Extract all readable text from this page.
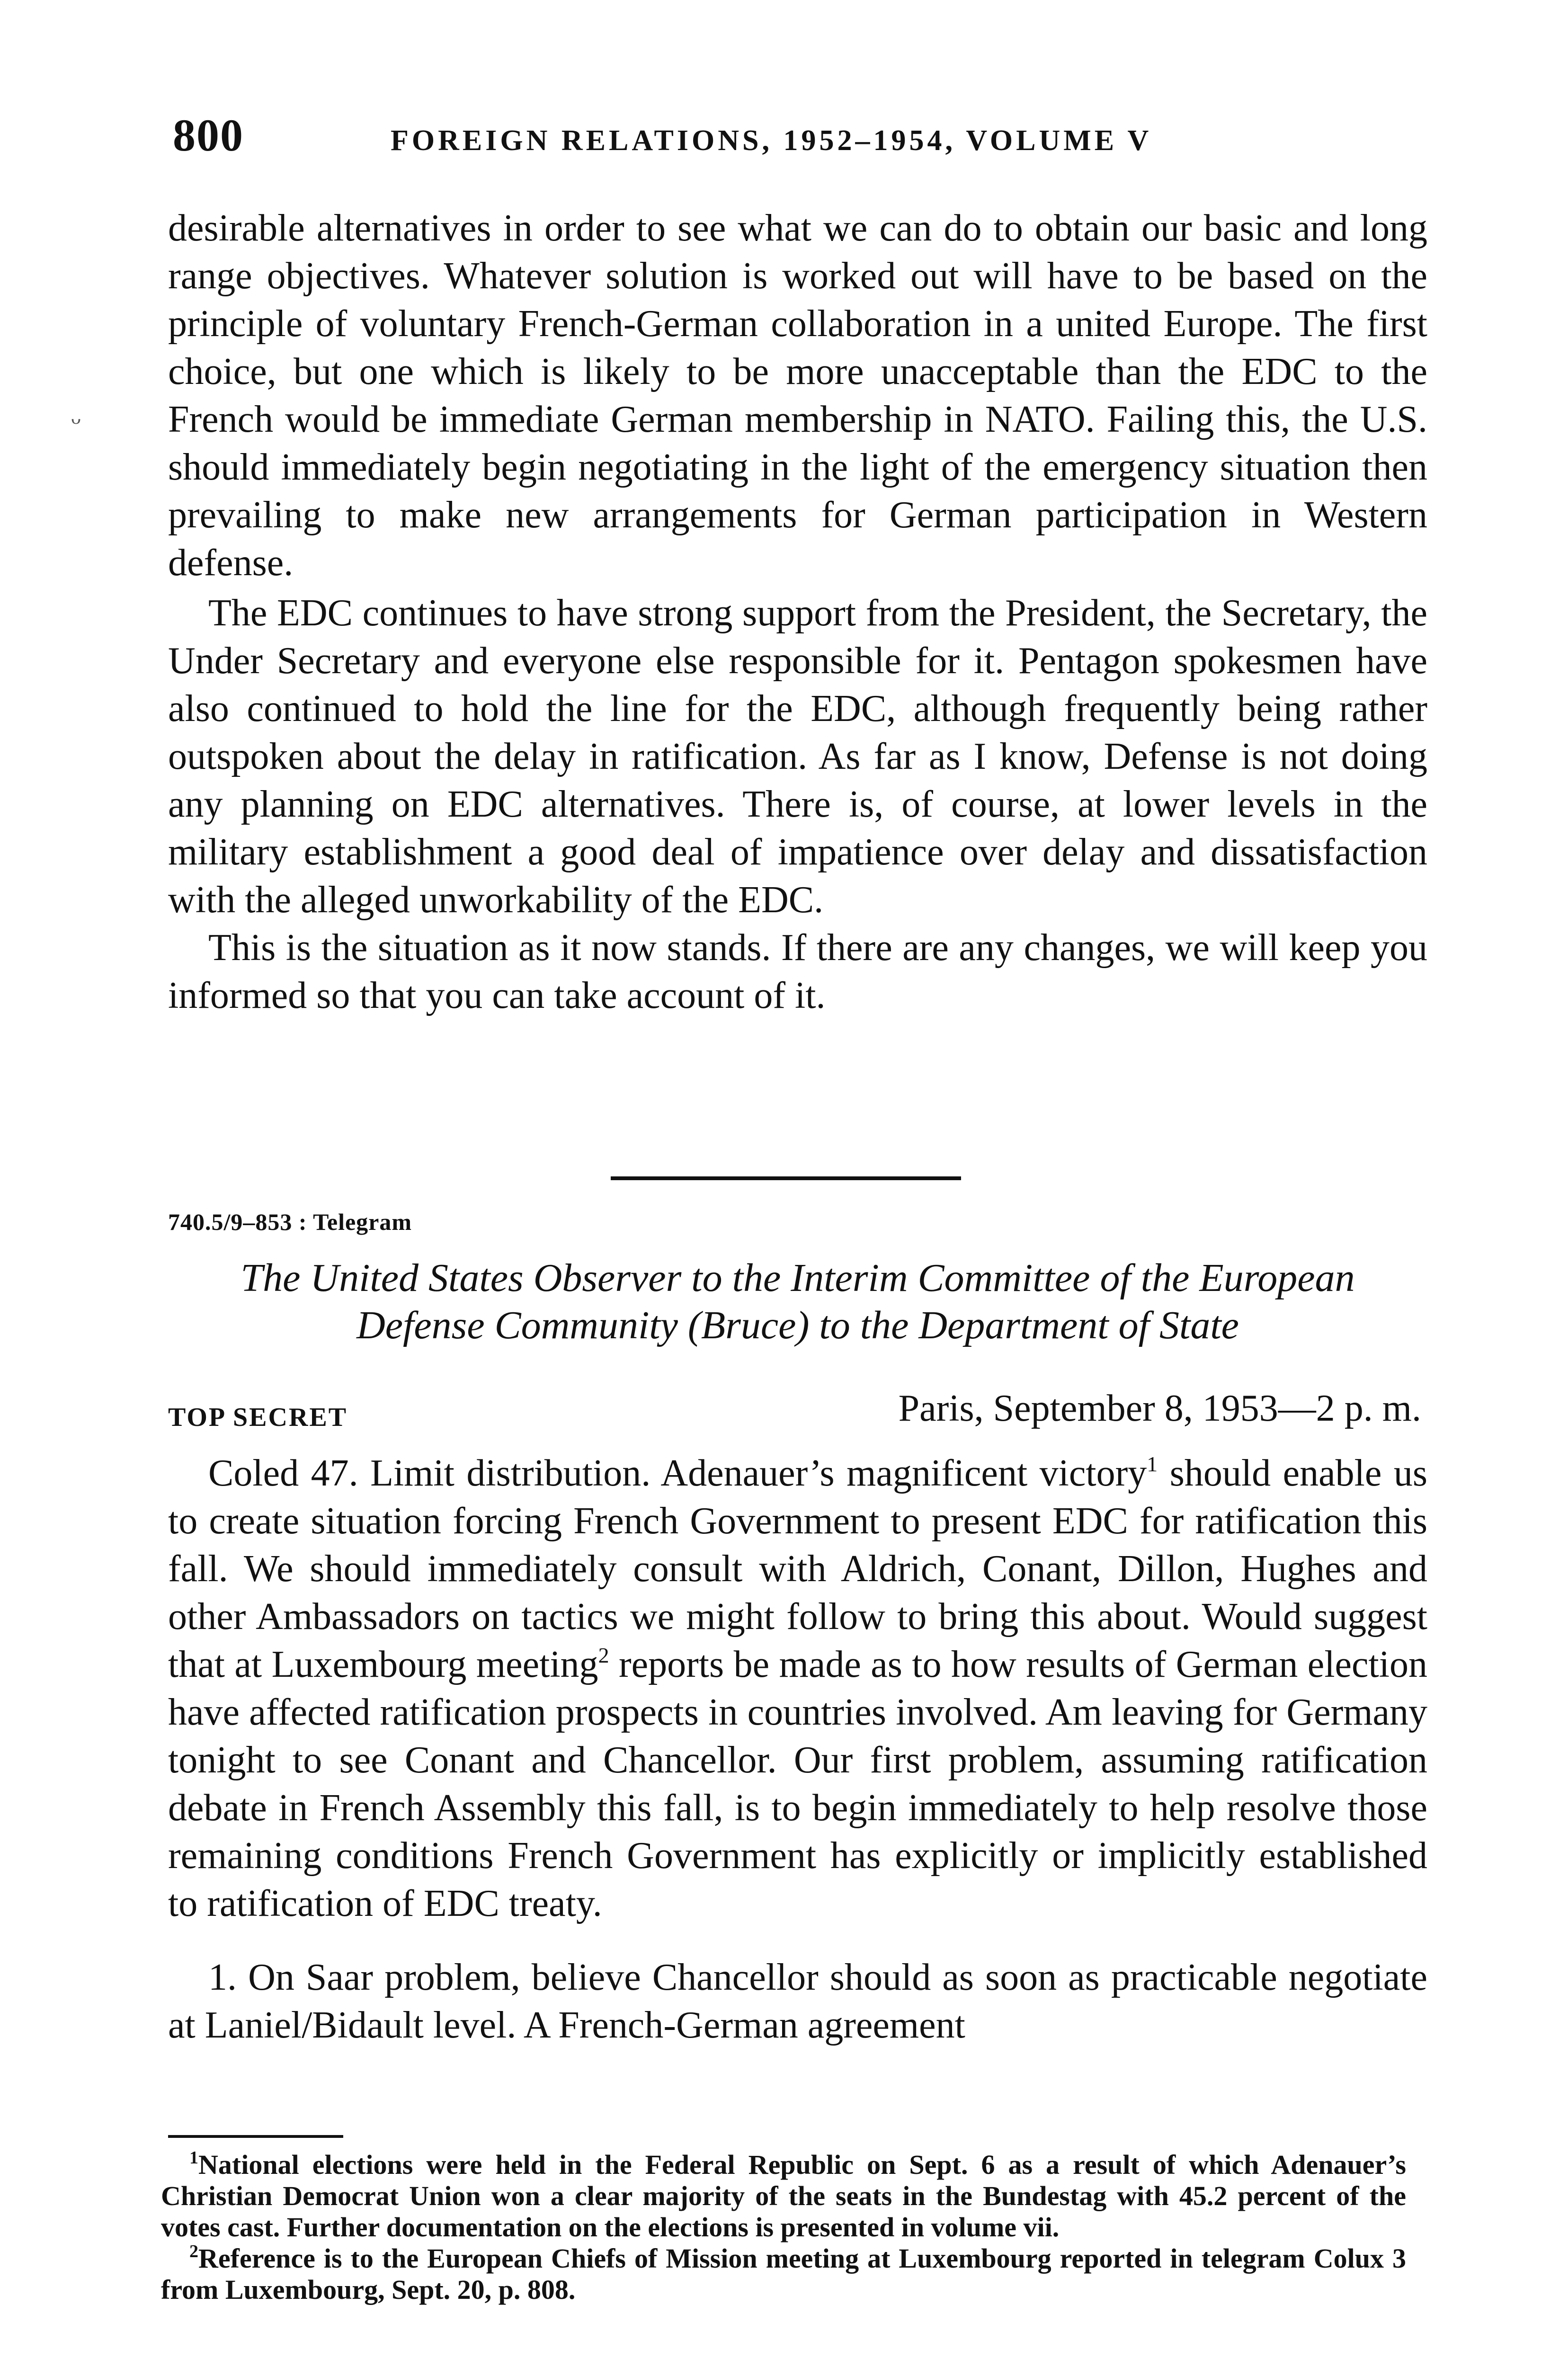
800	FOREIGN RELATIONS, 1952–1954, VOLUME V
ᴗ

desirable alternatives in order to see what we can do to obtain our basic and long range objectives. Whatever solution is worked out will have to be based on the principle of voluntary French-German collaboration in a united Europe. The first choice, but one which is likely to be more unacceptable than the EDC to the French would be immediate German membership in NATO. Failing this, the U.S. should immediately begin negotiating in the light of the emergency situation then prevailing to make new arrangements for German participation in Western defense.

The EDC continues to have strong support from the President, the Secretary, the Under Secretary and everyone else responsible for it. Pentagon spokesmen have also continued to hold the line for the EDC, although frequently being rather outspoken about the delay in ratification. As far as I know, Defense is not doing any planning on EDC alternatives. There is, of course, at lower levels in the military establishment a good deal of impatience over delay and dissatisfaction with the alleged unworkability of the EDC.

This is the situation as it now stands. If there are any changes, we will keep you informed so that you can take account of it.

740.5/9–853 : Telegram

The United States Observer to the Interim Committee of the European

Defense Community (Bruce) to the Department of State

TOP SECRET	Paris, September 8, 1953—2 p. m.

Coled 47. Limit distribution. Adenauer’s magnificent victory$^1$ should enable us to create situation forcing French Government to present EDC for ratification this fall. We should immediately consult with Aldrich, Conant, Dillon, Hughes and other Ambassadors on tactics we might follow to bring this about. Would suggest that at Luxembourg meeting$^2$ reports be made as to how results of German election have affected ratification prospects in countries involved. Am leaving for Germany tonight to see Conant and Chancellor. Our first problem, assuming ratification debate in French Assembly this fall, is to begin immediately to help resolve those remaining conditions French Government has explicitly or implicitly established to ratification of EDC treaty.

1. On Saar problem, believe Chancellor should as soon as practicable negotiate at Laniel/Bidault level. A French-German agreement

$^1$National elections were held in the Federal Republic on Sept. 6 as a result of which Adenauer’s Christian Democrat Union won a clear majority of the seats in the Bundestag with 45.2 percent of the votes cast. Further documentation on the elections is presented in volume vii.

$^2$Reference is to the European Chiefs of Mission meeting at Luxembourg reported in telegram Colux 3 from Luxembourg, Sept. 20, p. 808.
